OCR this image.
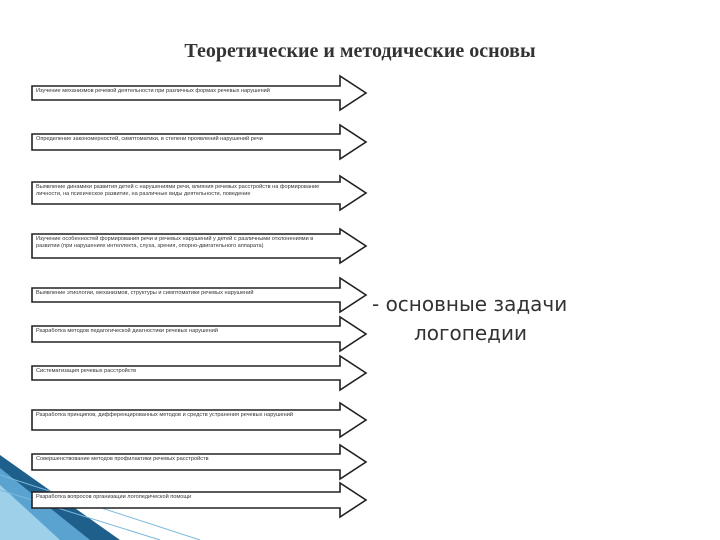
Теоретические и методические основы
Изучение механизмов речевой деятельности при различных формах речевых нарушений
Определение закономерностей, симптоматики, в степени проявлений нарушений речи
Выявление динамики развития детей с нарушениями речи, влияния речевых расстройств на формирование личности, на психическое развитие, на различные виды деятельности, поведение
Изучение особенностей формирования речи и речевых нарушений у детей с различными отклонениями в развитии (при нарушениях интеллекта, слуха, зрения, опорно-двигательного аппарата)
Выявление этиологии, механизмов, структуры и симптоматики речевых нарушений
Разработка методов педагогической диагностики речевых нарушений
Систематизация речевых расстройств
Разработка принципов, дифференцированных методов и средств устранения речевых нарушений
Совершенствование методов профилактики речевых расстройств
Разработка вопросов организации логопедической помощи
- основные задачи
логопедии
